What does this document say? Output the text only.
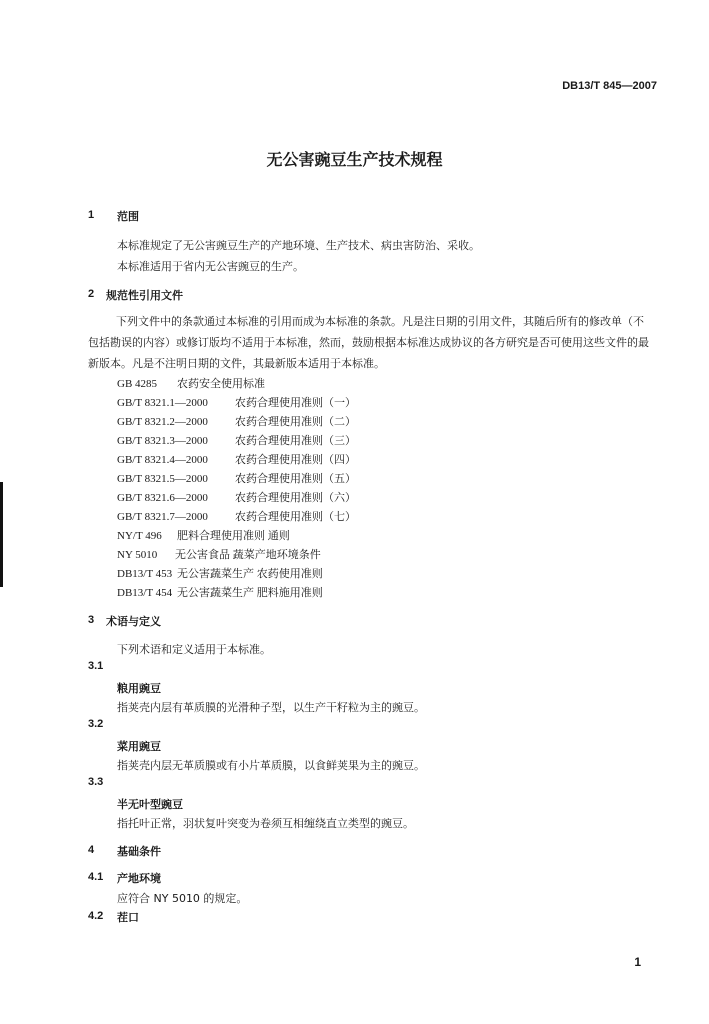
DB13/T 845—2007
无公害豌豆生产技术规程
1 范围
本标准规定了无公害豌豆生产的产地环境、生产技术、病虫害防治、采收。
本标准适用于省内无公害豌豆的生产。
2 规范性引用文件
下列文件中的条款通过本标准的引用而成为本标准的条款。凡是注日期的引用文件，其随后所有的修改单（不包括勘误的内容）或修订版均不适用于本标准，然而，鼓励根据本标准达成协议的各方研究是否可使用这些文件的最新版本。凡是不注明日期的文件，其最新版本适用于本标准。
GB 4285 农药安全使用标准
GB/T 8321.1—2000 农药合理使用准则（一）
GB/T 8321.2—2000 农药合理使用准则（二）
GB/T 8321.3—2000 农药合理使用准则（三）
GB/T 8321.4—2000 农药合理使用准则（四）
GB/T 8321.5—2000 农药合理使用准则（五）
GB/T 8321.6—2000 农药合理使用准则（六）
GB/T 8321.7—2000 农药合理使用准则（七）
NY/T 496 肥料合理使用准则 通则
NY 5010 无公害食品 蔬菜产地环境条件
DB13/T 453 无公害蔬菜生产 农药使用准则
DB13/T 454 无公害蔬菜生产 肥料施用准则
3 术语与定义
下列术语和定义适用于本标准。
3.1
粮用豌豆
指荚壳内层有革质膜的光滑种子型，以生产干籽粒为主的豌豆。
3.2
菜用豌豆
指荚壳内层无革质膜或有小片革质膜，以食鲜荚果为主的豌豆。
3.3
半无叶型豌豆
指托叶正常，羽状复叶突变为卷须互相缠绕直立类型的豌豆。
4 基础条件
4.1 产地环境
应符合 NY 5010 的规定。
4.2 茬口
1
